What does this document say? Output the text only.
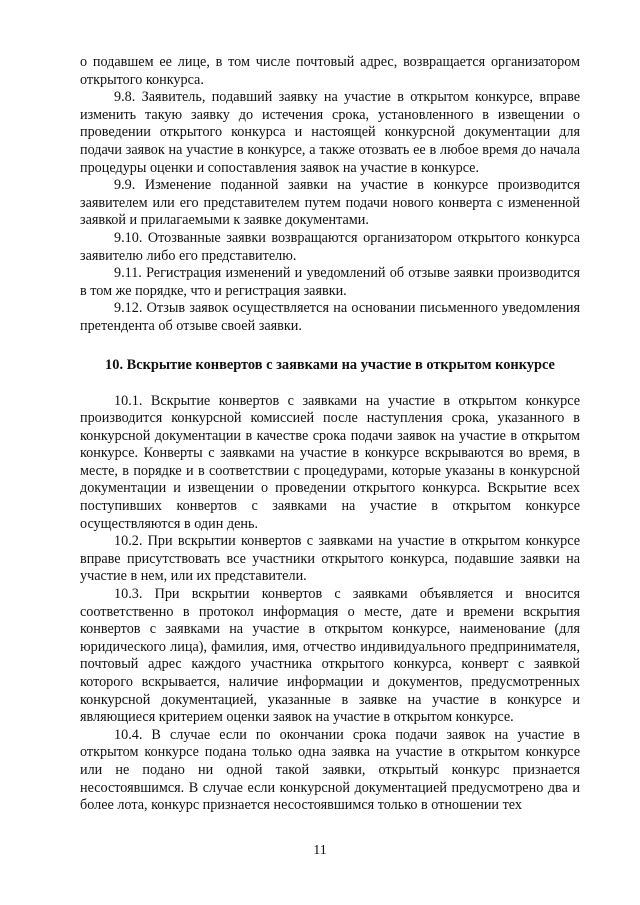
о подавшем ее лице, в том числе почтовый адрес, возвращается организатором открытого конкурса.

9.8. Заявитель, подавший заявку на участие в открытом конкурсе, вправе изменить такую заявку до истечения срока, установленного в извещении о проведении открытого конкурса и настоящей конкурсной документации для подачи заявок на участие в конкурсе, а также отозвать ее в любое время до начала процедуры оценки и сопоставления заявок на участие в конкурсе.

9.9. Изменение поданной заявки на участие в конкурсе производится заявителем или его представителем путем подачи нового конверта с измененной заявкой и прилагаемыми к заявке документами.

9.10. Отозванные заявки возвращаются организатором открытого конкурса заявителю либо его представителю.

9.11. Регистрация изменений и уведомлений об отзыве заявки производится в том же порядке, что и регистрация заявки.

9.12. Отзыв заявок осуществляется на основании письменного уведомления претендента об отзыве своей заявки.

10. Вскрытие конвертов с заявками на участие в открытом конкурсе

10.1. Вскрытие конвертов с заявками на участие в открытом конкурсе производится конкурсной комиссией после наступления срока, указанного в конкурсной документации в качестве срока подачи заявок на участие в открытом конкурсе. Конверты с заявками на участие в конкурсе вскрываются во время, в месте, в порядке и в соответствии с процедурами, которые указаны в конкурсной документации и извещении о проведении открытого конкурса. Вскрытие всех поступивших конвертов с заявками на участие в открытом конкурсе осуществляются в один день.

10.2. При вскрытии конвертов с заявками на участие в открытом конкурсе вправе присутствовать все участники открытого конкурса, подавшие заявки на участие в нем, или их представители.

10.3. При вскрытии конвертов с заявками объявляется и вносится соответственно в протокол информация о месте, дате и времени вскрытия конвертов с заявками на участие в открытом конкурсе, наименование (для юридического лица), фамилия, имя, отчество индивидуального предпринимателя, почтовый адрес каждого участника открытого конкурса, конверт с заявкой которого вскрывается, наличие информации и документов, предусмотренных конкурсной документацией, указанные в заявке на участие в конкурсе и являющиеся критерием оценки заявок на участие в открытом конкурсе.

10.4. В случае если по окончании срока подачи заявок на участие в открытом конкурсе подана только одна заявка на участие в открытом конкурсе или не подано ни одной такой заявки, открытый конкурс признается несостоявшимся. В случае если конкурсной документацией предусмотрено два и более лота, конкурс признается несостоявшимся только в отношении тех

11
